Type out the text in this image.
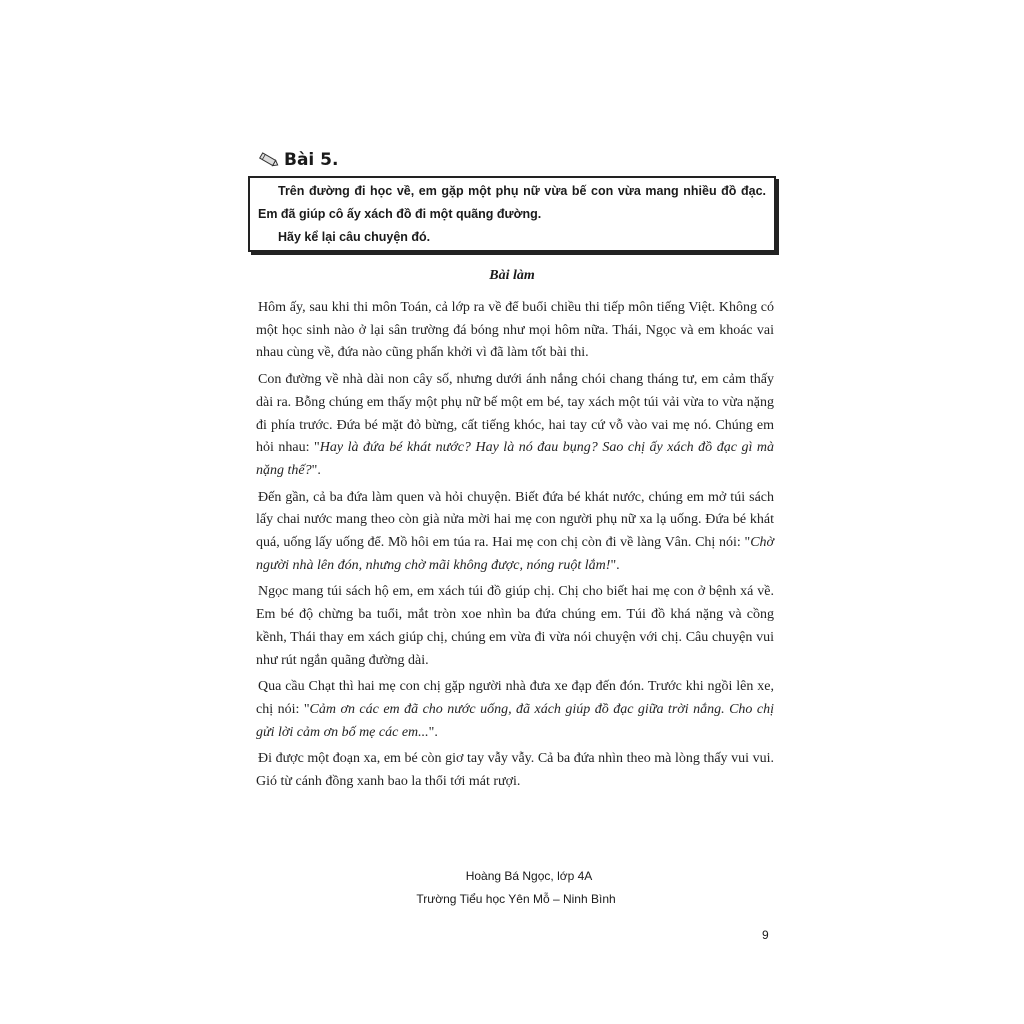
Bài 5.

Trên đường đi học về, em gặp một phụ nữ vừa bế con vừa mang nhiều đồ đạc. Em đã giúp cô ấy xách đồ đi một quãng đường.

Hãy kể lại câu chuyện đó.

Bài làm

Hôm ấy, sau khi thi môn Toán, cả lớp ra về để buổi chiều thi tiếp môn tiếng Việt. Không có một học sinh nào ở lại sân trường đá bóng như mọi hôm nữa. Thái, Ngọc và em khoác vai nhau cùng về, đứa nào cũng phấn khởi vì đã làm tốt bài thi.

Con đường về nhà dài non cây số, nhưng dưới ánh nắng chói chang tháng tư, em cảm thấy dài ra. Bỗng chúng em thấy một phụ nữ bế một em bé, tay xách một túi vải vừa to vừa nặng đi phía trước. Đứa bé mặt đỏ bừng, cất tiếng khóc, hai tay cứ vỗ vào vai mẹ nó. Chúng em hỏi nhau: "Hay là đứa bé khát nước? Hay là nó đau bụng? Sao chị ấy xách đồ đạc gì mà nặng thế?".

Đến gần, cả ba đứa làm quen và hỏi chuyện. Biết đứa bé khát nước, chúng em mở túi sách lấy chai nước mang theo còn già nửa mời hai mẹ con người phụ nữ xa lạ uống. Đứa bé khát quá, uống lấy uống để. Mồ hôi em túa ra. Hai mẹ con chị còn đi về làng Vân. Chị nói: "Chờ người nhà lên đón, nhưng chờ mãi không được, nóng ruột lắm!".

Ngọc mang túi sách hộ em, em xách túi đồ giúp chị. Chị cho biết hai mẹ con ở bệnh xá về. Em bé độ chừng ba tuổi, mắt tròn xoe nhìn ba đứa chúng em. Túi đồ khá nặng và cồng kềnh, Thái thay em xách giúp chị, chúng em vừa đi vừa nói chuyện với chị. Câu chuyện vui như rút ngắn quãng đường dài.

Qua cầu Chạt thì hai mẹ con chị gặp người nhà đưa xe đạp đến đón. Trước khi ngồi lên xe, chị nói: "Cảm ơn các em đã cho nước uống, đã xách giúp đồ đạc giữa trời nắng. Cho chị gửi lời cảm ơn bố mẹ các em...".

Đi được một đoạn xa, em bé còn giơ tay vẫy vẫy. Cả ba đứa nhìn theo mà lòng thấy vui vui. Gió từ cánh đồng xanh bao la thổi tới mát rượi.

Hoàng Bá Ngọc, lớp 4A
Trường Tiểu học Yên Mỗ – Ninh Bình
9
